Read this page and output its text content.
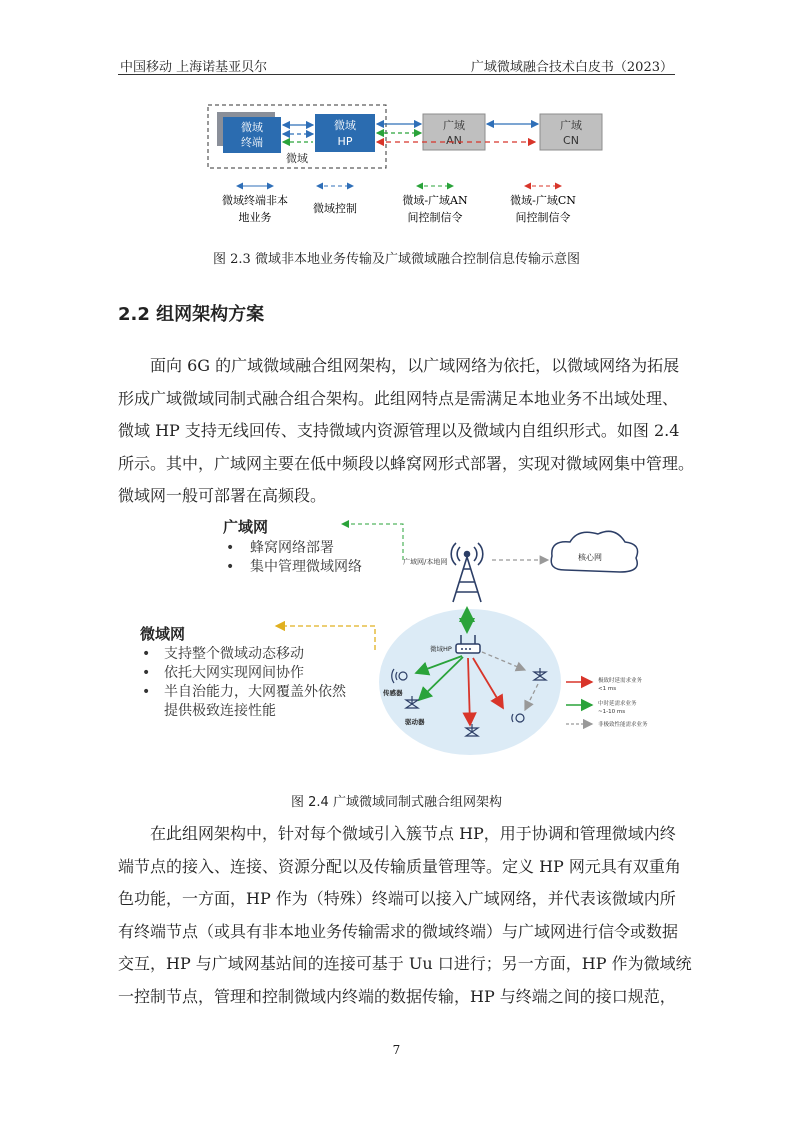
中国移动 上海诺基亚贝尔	广域微域融合技术白皮书（2023）
微域
终端
微域
HP
微域
广域
AN
广域
CN
微域终端非本
地业务
微域控制
微域-广域AN
间控制信令
微域-广域CN
间控制信令
图 2.3 微域非本地业务传输及广域微域融合控制信息传输示意图
2.2 组网架构方案
面向 6G 的广域微域融合组网架构，以广域网络为依托，以微域网络为拓展
形成广域微域同制式融合组合架构。此组网特点是需满足本地业务不出域处理、
微域 HP 支持无线回传、支持微域内资源管理以及微域内自组织形式。如图 2.4
所示。其中，广域网主要在低中频段以蜂窝网形式部署，实现对微域网集中管理。
微域网一般可部署在高频段。
广域网
• 蜂窝网络部署
• 集中管理微域网络
微域网
• 支持整个微域动态移动
• 依托大网实现网间协作
• 半自治能力，大网覆盖外依然
提供极致连接性能
广域网/本地网	核心网
微域HP
传感器
驱动器
极致时延需求业务
<1 ms
中时延需求业务
~1-10 ms
非极致性能需求业务
图 2.4 广域微域同制式融合组网架构
在此组网架构中，针对每个微域引入簇节点 HP，用于协调和管理微域内终
端节点的接入、连接、资源分配以及传输质量管理等。定义 HP 网元具有双重角
色功能，一方面，HP 作为（特殊）终端可以接入广域网络，并代表该微域内所
有终端节点（或具有非本地业务传输需求的微域终端）与广域网进行信令或数据
交互，HP 与广域网基站间的连接可基于 Uu 口进行；另一方面，HP 作为微域统
一控制节点，管理和控制微域内终端的数据传输，HP 与终端之间的接口规范，
7
